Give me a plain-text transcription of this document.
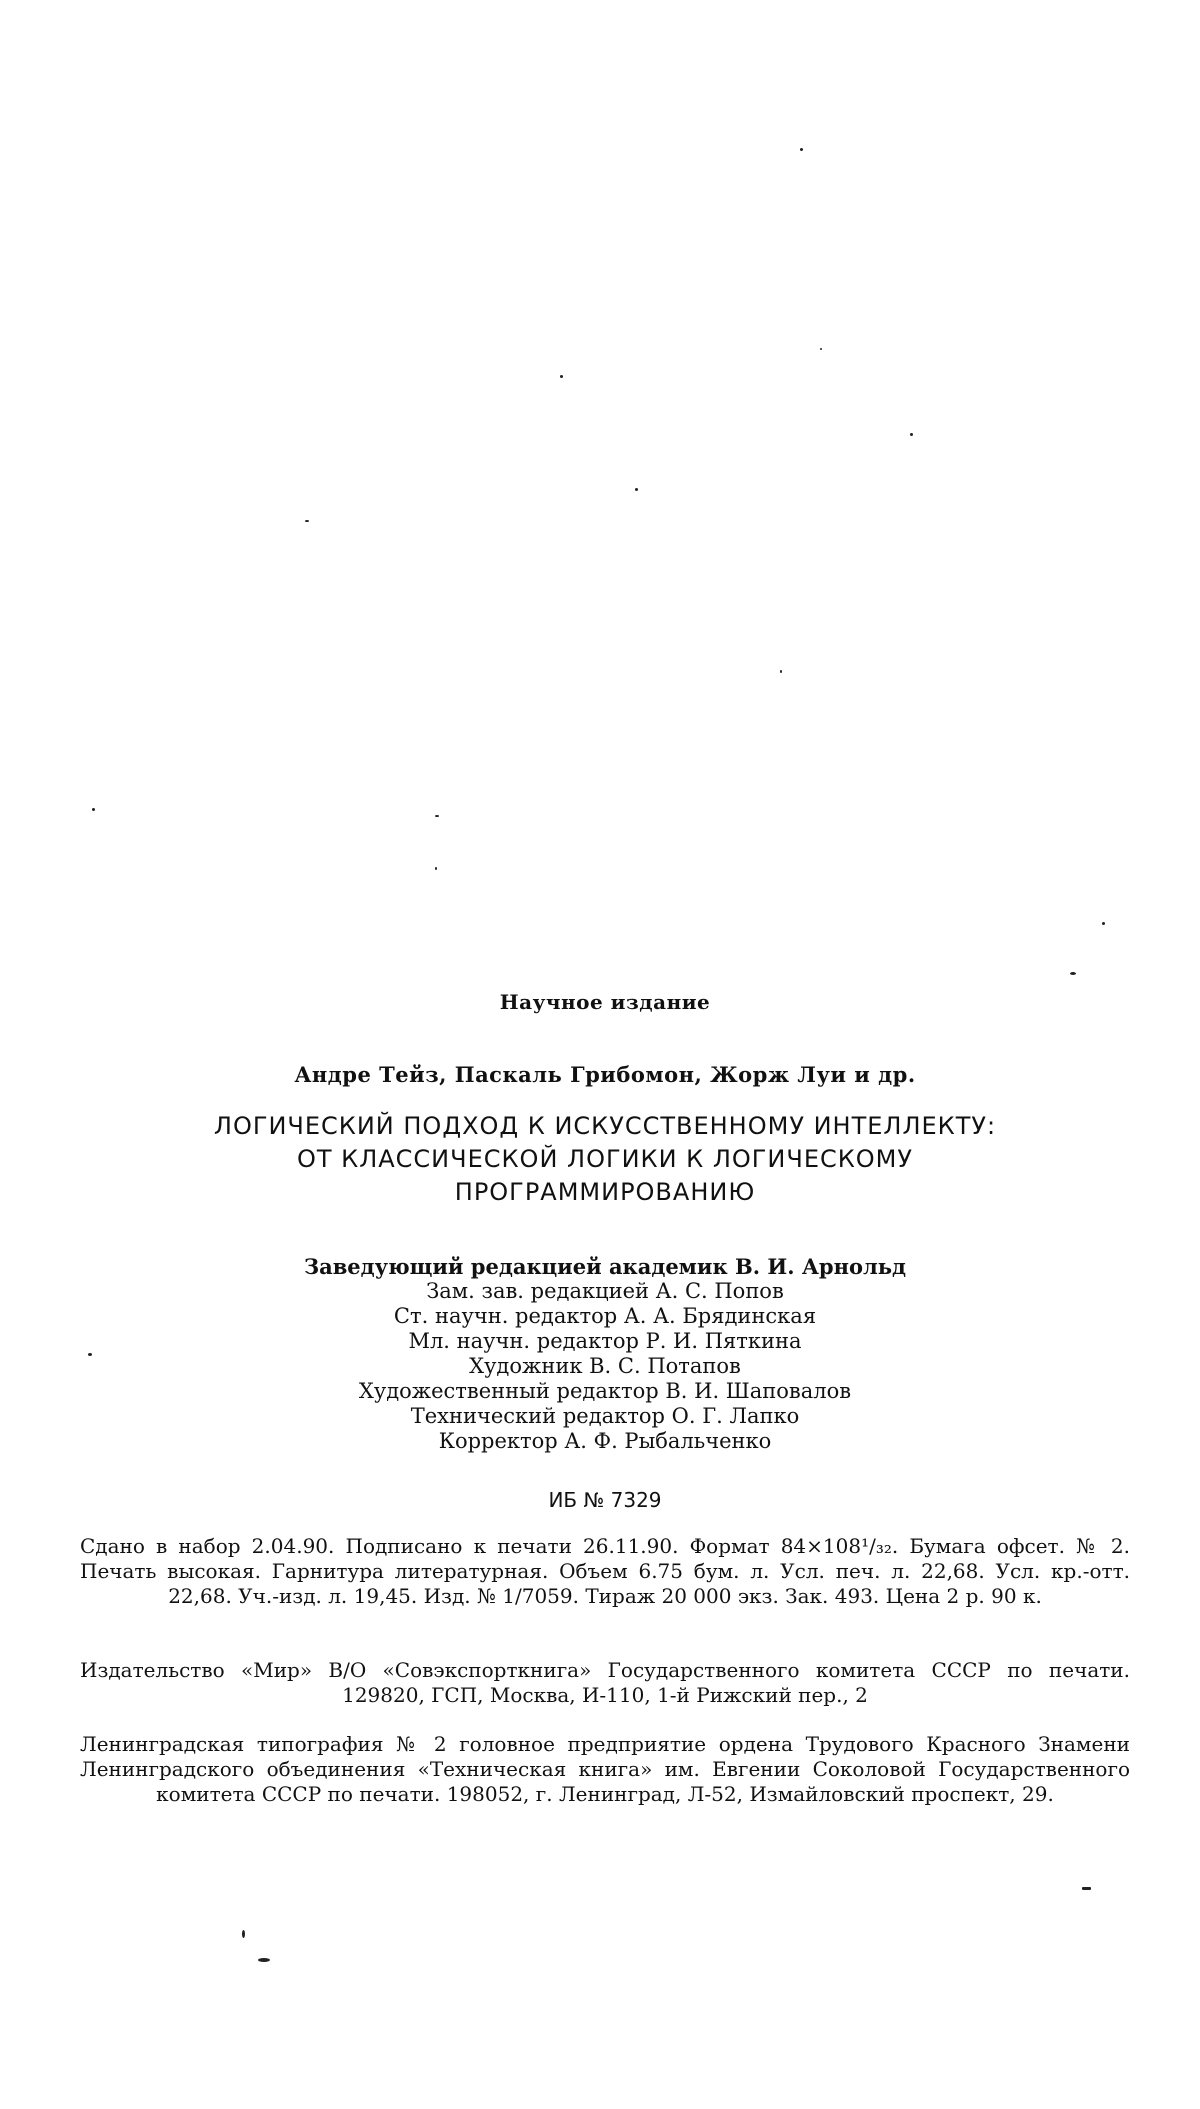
Научное издание
Андре Тейз, Паскаль Грибомон, Жорж Луи и др.
ЛОГИЧЕСКИЙ ПОДХОД К ИСКУССТВЕННОМУ ИНТЕЛЛЕКТУ:
ОТ КЛАССИЧЕСКОЙ ЛОГИКИ К ЛОГИЧЕСКОМУ
ПРОГРАММИРОВАНИЮ
Заведующий редакцией академик В. И. Арнольд
Зам. зав. редакцией А. С. Попов
Ст. научн. редактор А. А. Брядинская
Мл. научн. редактор Р. И. Пяткина
Художник В. С. Потапов
Художественный редактор В. И. Шаповалов
Технический редактор О. Г. Лапко
Корректор А. Ф. Рыбальченко
ИБ № 7329
Сдано в набор 2.04.90. Подписано к печати 26.11.90. Формат 84×108¹/₃₂. Бумага офсет. № 2. Печать высокая. Гарнитура литературная. Объем 6.75 бум. л. Усл. печ. л. 22,68. Усл. кр.-отт. 22,68. Уч.-изд. л. 19,45. Изд. № 1/7059. Тираж 20 000 экз. Зак. 493. Цена 2 р. 90 к.
Издательство «Мир» В/О «Совэкспорткнига» Государственного комитета СССР по печати. 129820, ГСП, Москва, И-110, 1-й Рижский пер., 2
Ленинградская типография № 2 головное предприятие ордена Трудового Красного Знамени Ленинградского объединения «Техническая книга» им. Евгении Соколовой Государственного комитета СССР по печати. 198052, г. Ленинград, Л-52, Измайловский проспект, 29.
